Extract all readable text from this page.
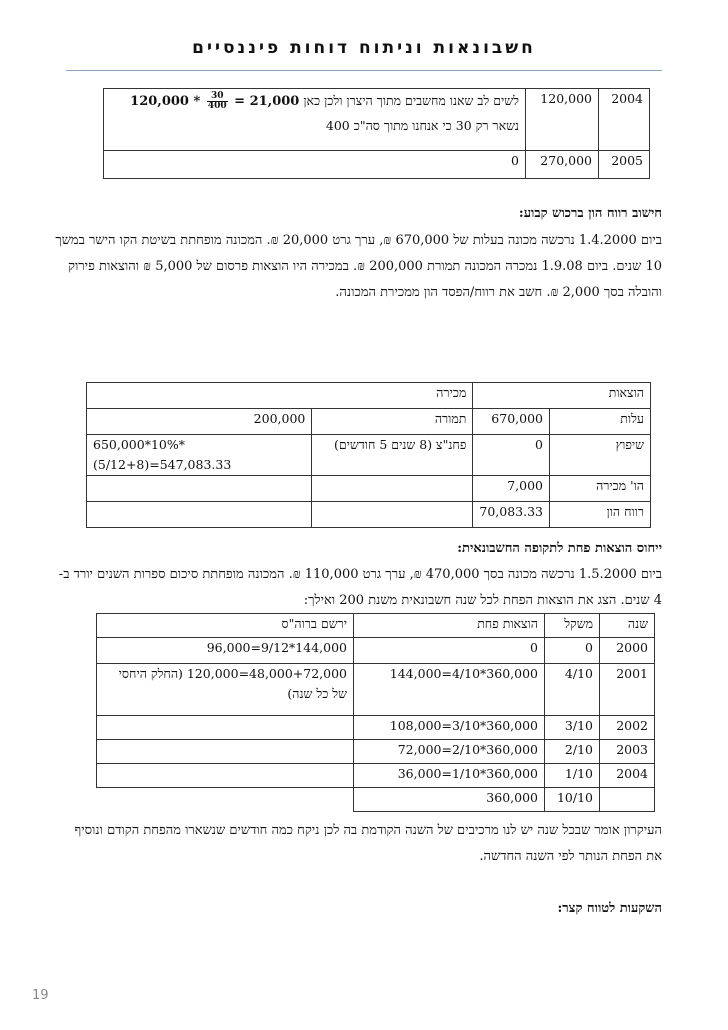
חשבונאות וניתוח דוחות פיננסיים
2004	120,000	לשים לב שאנו מחשבים מתוך היצרן ולכן כאן $120,000 * \frac{30}{400} = 21,000$
נשאר רק 30 כי אנחנו מתוך סה"כ 400

2005	270,000	0
חישוב רווח הון ברכוש קבוע:
ביום 1.4.2000 נרכשה מכונה בעלות של 670,000 ₪, ערך גרט 20,000 ₪. המכונה מופחתת בשיטת הקו הישר במשך
10 שנים. ביום 1.9.08 נמכרה המכונה תמורת 200,000 ₪. במכירה היו הוצאות פרסום של 5,000 ₪ והוצאות פירוק
והובלה בסך 2,000 ₪. חשב את רווח/הפסד הון ממכירת המכונה.
הוצאות		מכירה	
עלות	670,000	תמורה	200,000
שיפוץ	0	פחנ"צ (8 שנים 5 חודשים)	650,000*10%*(5/12+8)=547,083.33
הו' מכירה	7,000		
רווח הון	70,083.33		
ייחוס הוצאות פחת לתקופה החשבונאית:
ביום 1.5.2000 נרכשה מכונה בסך 470,000 ₪, ערך גרט 110,000 ₪. המכונה מופחתת סיכום ספרות השנים יורד ב-
4 שנים. הצג את הוצאות הפחת לכל שנה חשבונאית משנת 200 ואילך:
שנה	משקל	הוצאות פחת	ירשם ברוה"ס
2000	0	0	144,000*9/12=96,000
2001	4/10	360,000*4/10=144,000	48,000+72,000=120,000 (החלק היחסי של כל שנה)
2002	3/10	360,000*3/10=108,000	
2003	2/10	360,000*2/10=72,000	
2004	1/10	360,000*1/10=36,000	
	10/10	360,000	
העיקרון אומר שבכל שנה יש לנו מרכיבים של השנה הקודמת בה לכן ניקח כמה חודשים שנשארו מהפחת הקודם ונוסיף
את הפחת הנותר לפי השנה החדשה.
השקעות לטווח קצר:
19
